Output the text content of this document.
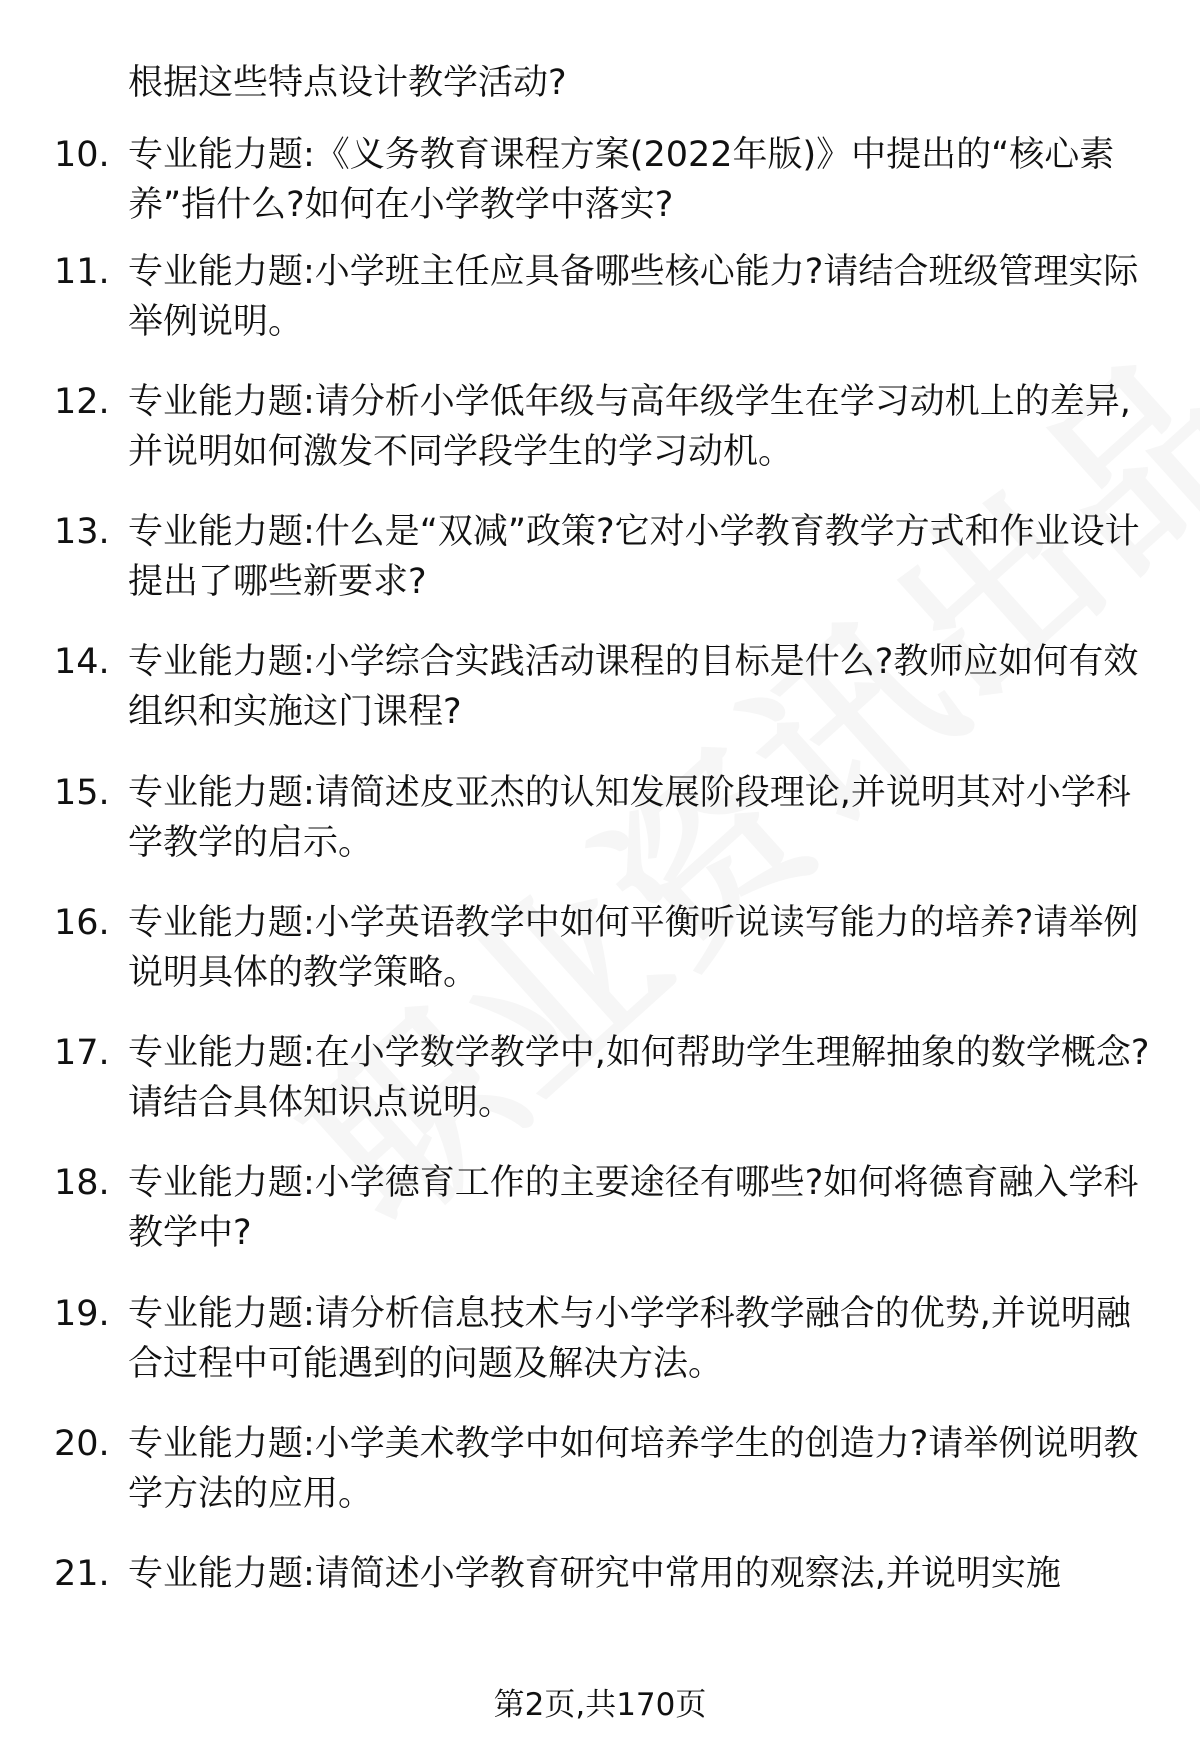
根据这些特点设计教学活动?
10. 专业能力题:《义务教育课程方案(2022年版)》中提出的“核心素养”指什么?如何在小学教学中落实?
11. 专业能力题:小学班主任应具备哪些核心能力?请结合班级管理实际举例说明。
12. 专业能力题:请分析小学低年级与高年级学生在学习动机上的差异,并说明如何激发不同学段学生的学习动机。
13. 专业能力题:什么是“双减”政策?它对小学教育教学方式和作业设计提出了哪些新要求?
14. 专业能力题:小学综合实践活动课程的目标是什么?教师应如何有效组织和实施这门课程?
15. 专业能力题:请简述皮亚杰的认知发展阶段理论,并说明其对小学科学教学的启示。
16. 专业能力题:小学英语教学中如何平衡听说读写能力的培养?请举例说明具体的教学策略。
17. 专业能力题:在小学数学教学中,如何帮助学生理解抽象的数学概念?请结合具体知识点说明。
18. 专业能力题:小学德育工作的主要途径有哪些?如何将德育融入学科教学中?
19. 专业能力题:请分析信息技术与小学学科教学融合的优势,并说明融合过程中可能遇到的问题及解决方法。
20. 专业能力题:小学美术教学中如何培养学生的创造力?请举例说明教学方法的应用。
21. 专业能力题:请简述小学教育研究中常用的观察法,并说明实施
第2页,共170页
